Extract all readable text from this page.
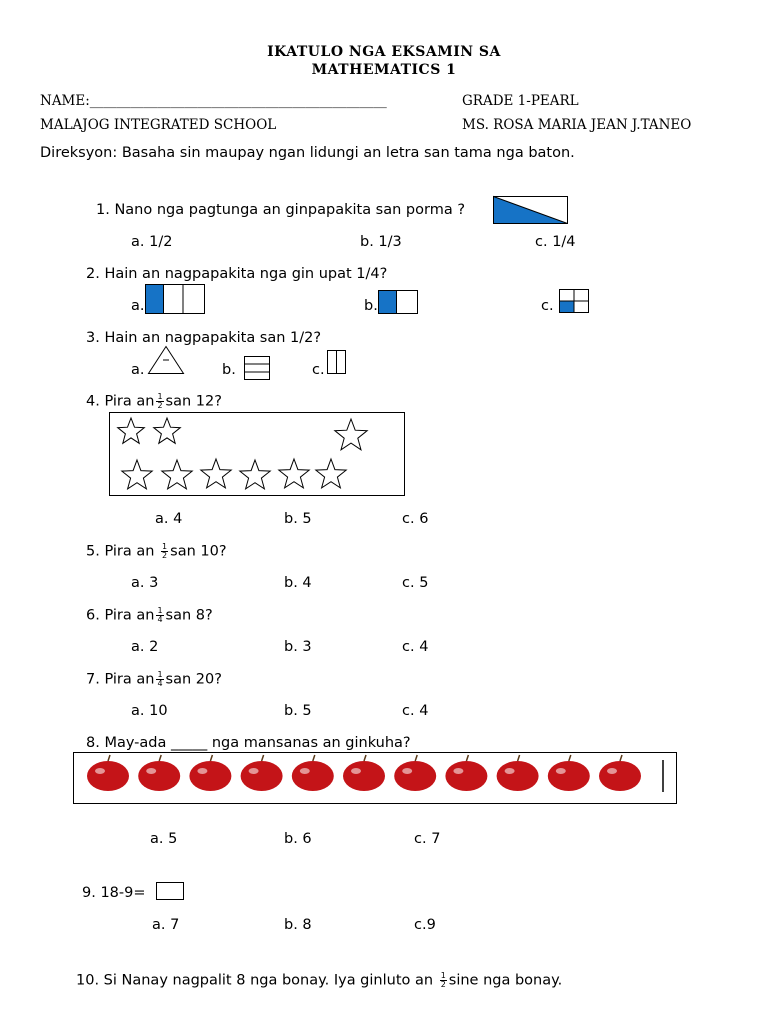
IKATULO NGA EKSAMIN SA
MATHEMATICS 1
NAME:____________________________________________	GRADE 1-PEARL
MALAJOG INTEGRATED SCHOOL	MS. ROSA MARIA JEAN J.TANEO
Direksyon: Basaha sin maupay ngan lidungi an letra san tama nga baton.
1. Nano nga pagtunga an ginpapakita san porma ?
a. 1/2	b. 1/3	c. 1/4
2. Hain an nagpapakita nga gin upat 1/4?
a.	b.	c.
3. Hain an nagpapakita san 1/2?
a.	b.	c.
4. Pira an $\frac{1}{2}$ san 12?
a. 4	b. 5	c. 6
5. Pira an $\frac{1}{2}$ san 10?
a. 3	b. 4	c. 5
6. Pira an $\frac{1}{4}$ san 8?
a. 2	b. 3	c. 4
7. Pira an $\frac{1}{4}$ san 20?
a. 10	b. 5	c. 4
8. May-ada _____ nga mansanas an ginkuha?
a. 5	b. 6	c. 7
9. 18-9=
a. 7	b. 8	c.9
10. Si Nanay nagpalit 8 nga bonay. Iya ginluto an $\frac{1}{2}$ sine nga bonay.
